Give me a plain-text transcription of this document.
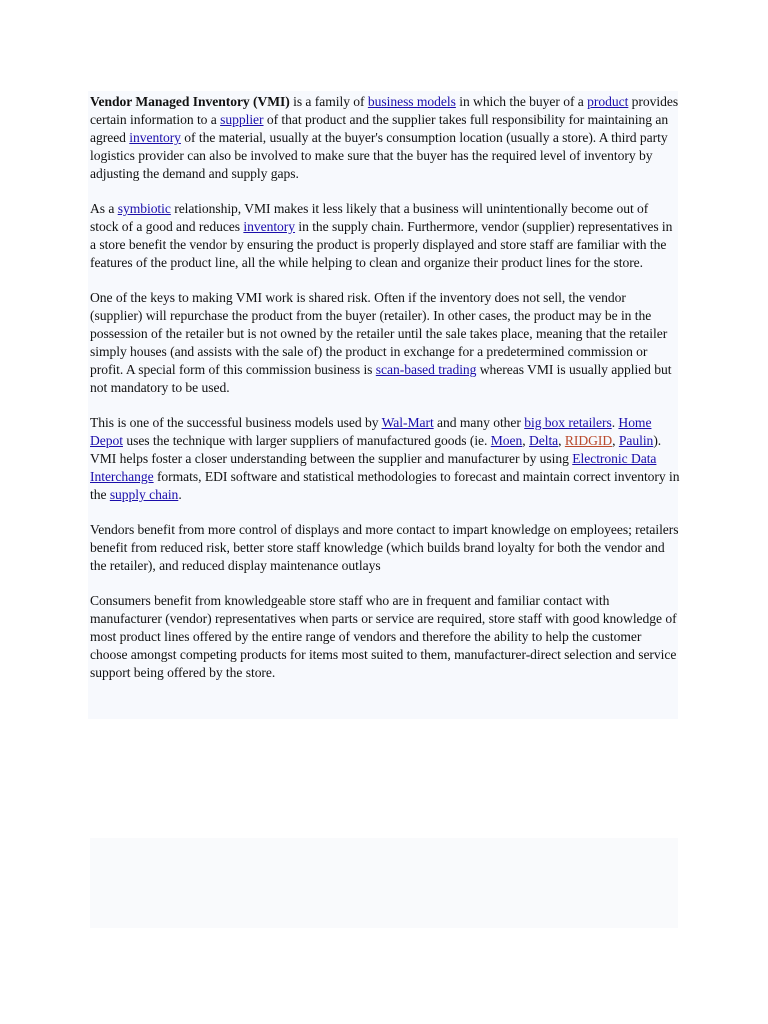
Vendor Managed Inventory (VMI) is a family of business models in which the buyer of a product provides certain information to a supplier of that product and the supplier takes full responsibility for maintaining an agreed inventory of the material, usually at the buyer's consumption location (usually a store). A third party logistics provider can also be involved to make sure that the buyer has the required level of inventory by adjusting the demand and supply gaps.

As a symbiotic relationship, VMI makes it less likely that a business will unintentionally become out of stock of a good and reduces inventory in the supply chain. Furthermore, vendor (supplier) representatives in a store benefit the vendor by ensuring the product is properly displayed and store staff are familiar with the features of the product line, all the while helping to clean and organize their product lines for the store.

One of the keys to making VMI work is shared risk. Often if the inventory does not sell, the vendor (supplier) will repurchase the product from the buyer (retailer). In other cases, the product may be in the possession of the retailer but is not owned by the retailer until the sale takes place, meaning that the retailer simply houses (and assists with the sale of) the product in exchange for a predetermined commission or profit. A special form of this commission business is scan-based trading whereas VMI is usually applied but not mandatory to be used.

This is one of the successful business models used by Wal-Mart and many other big box retailers. Home Depot uses the technique with larger suppliers of manufactured goods (ie. Moen, Delta, RIDGID, Paulin). VMI helps foster a closer understanding between the supplier and manufacturer by using Electronic Data Interchange formats, EDI software and statistical methodologies to forecast and maintain correct inventory in the supply chain.

Vendors benefit from more control of displays and more contact to impart knowledge on employees; retailers benefit from reduced risk, better store staff knowledge (which builds brand loyalty for both the vendor and the retailer), and reduced display maintenance outlays

Consumers benefit from knowledgeable store staff who are in frequent and familiar contact with manufacturer (vendor) representatives when parts or service are required, store staff with good knowledge of most product lines offered by the entire range of vendors and therefore the ability to help the customer choose amongst competing products for items most suited to them, manufacturer-direct selection and service support being offered by the store.
